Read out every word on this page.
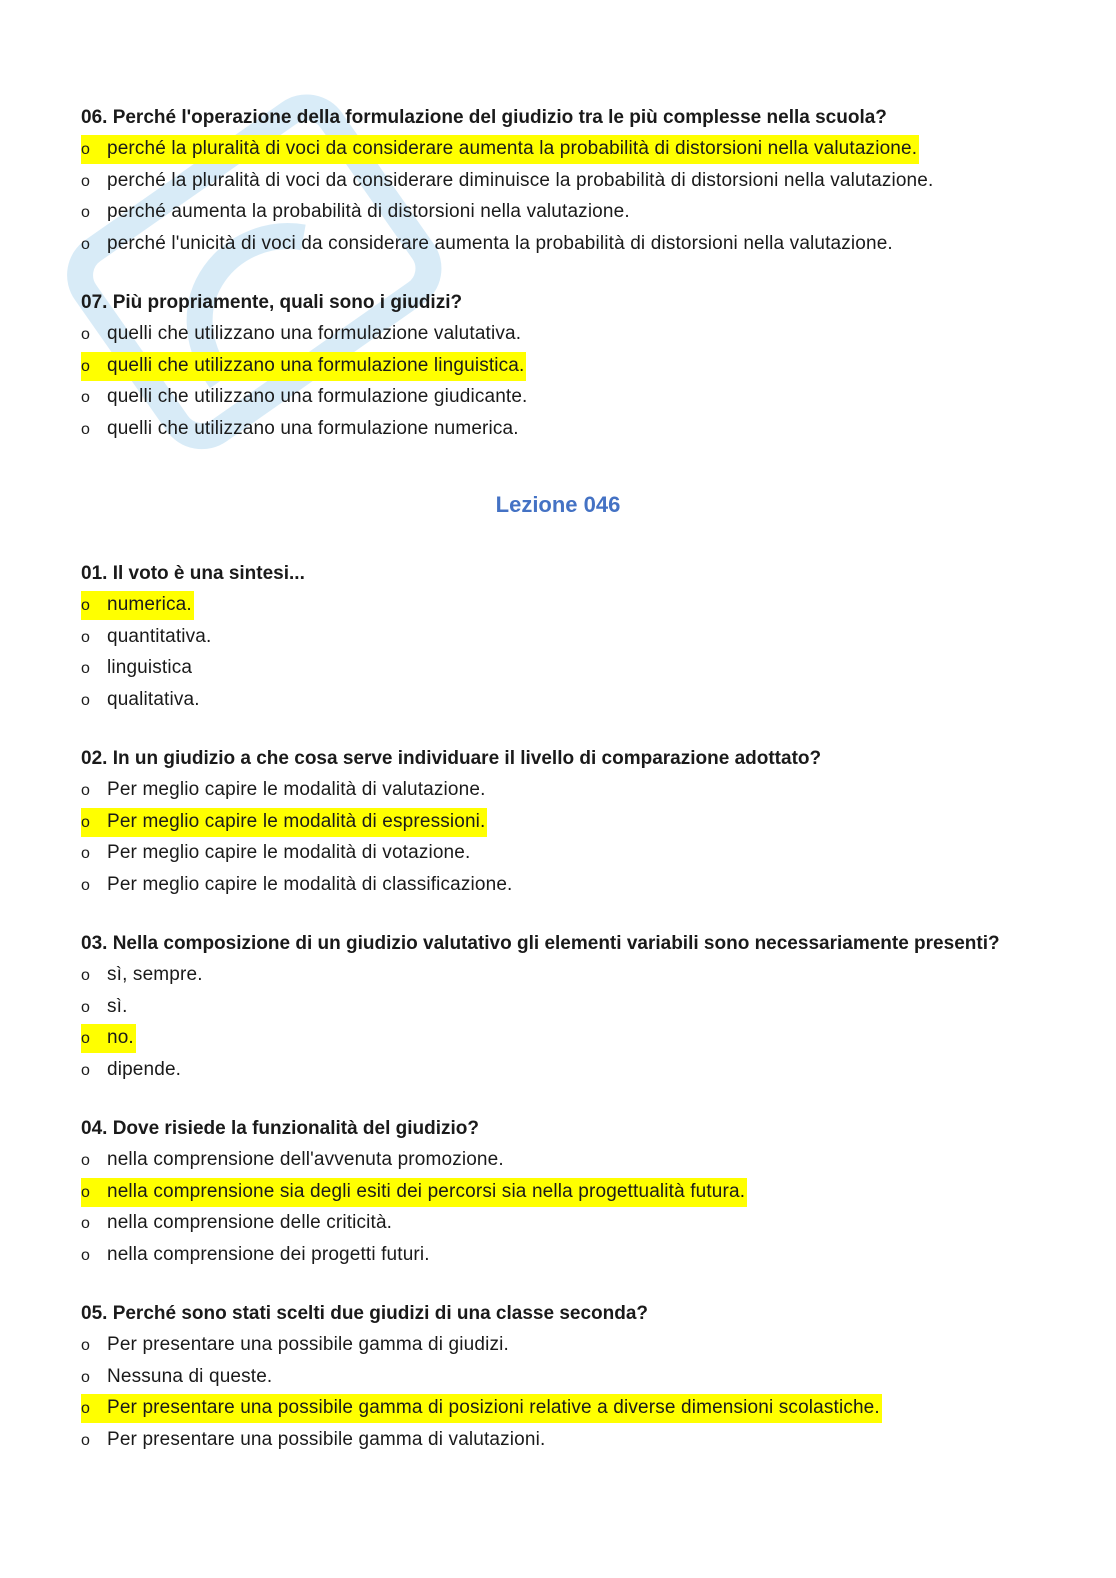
06. Perché l'operazione della formulazione del giudizio tra le più complesse nella scuola?
o perché la pluralità di voci da considerare aumenta la probabilità di distorsioni nella valutazione.
o perché la pluralità di voci da considerare diminuisce la probabilità di distorsioni nella valutazione.
o perché aumenta la probabilità di distorsioni nella valutazione.
o perché l'unicità di voci da considerare aumenta la probabilità di distorsioni nella valutazione.
07. Più propriamente, quali sono i giudizi?
o quelli che utilizzano una formulazione valutativa.
o quelli che utilizzano una formulazione linguistica.
o quelli che utilizzano una formulazione giudicante.
o quelli che utilizzano una formulazione numerica.
Lezione 046
01. Il voto è una sintesi...
o numerica.
o quantitativa.
o linguistica
o qualitativa.
02. In un giudizio a che cosa serve individuare il livello di comparazione adottato?
o Per meglio capire le modalità di valutazione.
o Per meglio capire le modalità di espressioni.
o Per meglio capire le modalità di votazione.
o Per meglio capire le modalità di classificazione.
03. Nella composizione di un giudizio valutativo gli elementi variabili sono necessariamente presenti?
o sì, sempre.
o sì.
o no.
o dipende.
04. Dove risiede la funzionalità del giudizio?
o nella comprensione dell'avvenuta promozione.
o nella comprensione sia degli esiti dei percorsi sia nella progettualità futura.
o nella comprensione delle criticità.
o nella comprensione dei progetti futuri.
05. Perché sono stati scelti due giudizi di una classe seconda?
o Per presentare una possibile gamma di giudizi.
o Nessuna di queste.
o Per presentare una possibile gamma di posizioni relative a diverse dimensioni scolastiche.
o Per presentare una possibile gamma di valutazioni.
